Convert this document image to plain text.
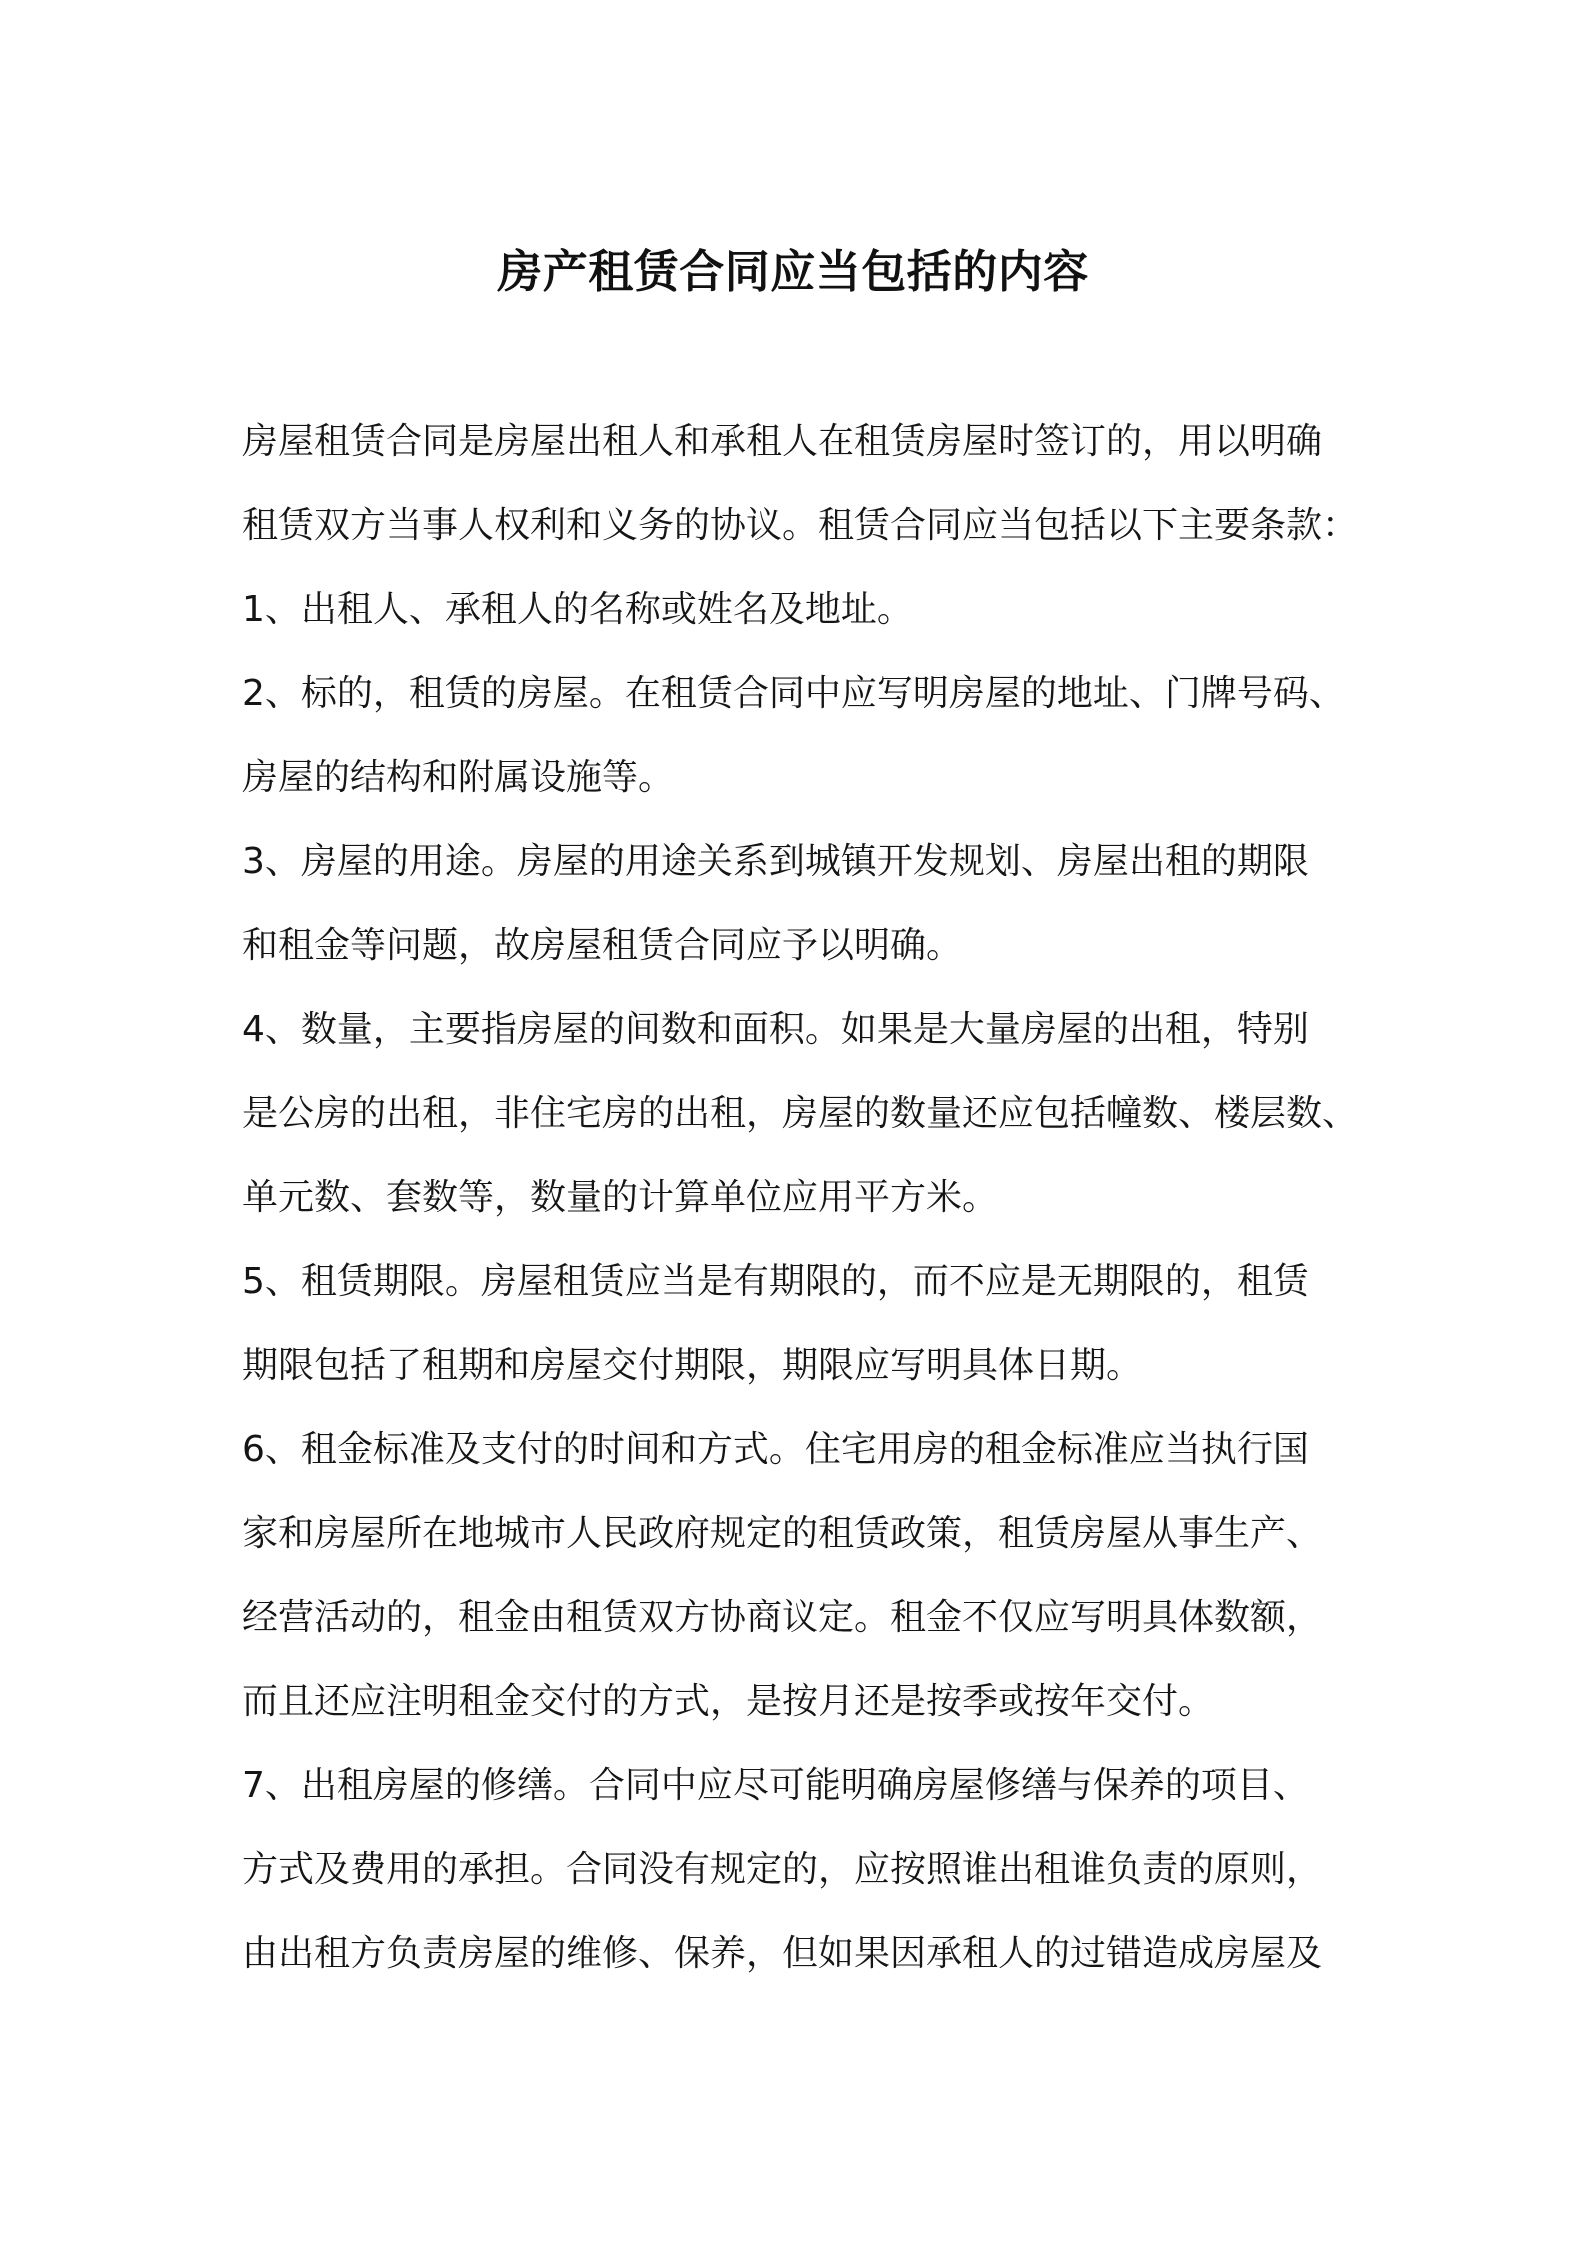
房产租赁合同应当包括的内容
房屋租赁合同是房屋出租人和承租人在租赁房屋时签订的，用以明确
租赁双方当事人权利和义务的协议。租赁合同应当包括以下主要条款：
1、出租人、承租人的名称或姓名及地址。
2、标的，租赁的房屋。在租赁合同中应写明房屋的地址、门牌号码、
房屋的结构和附属设施等。
3、房屋的用途。房屋的用途关系到城镇开发规划、房屋出租的期限
和租金等问题，故房屋租赁合同应予以明确。
4、数量，主要指房屋的间数和面积。如果是大量房屋的出租，特别
是公房的出租，非住宅房的出租，房屋的数量还应包括幢数、楼层数、
单元数、套数等，数量的计算单位应用平方米。
5、租赁期限。房屋租赁应当是有期限的，而不应是无期限的，租赁
期限包括了租期和房屋交付期限，期限应写明具体日期。
6、租金标准及支付的时间和方式。住宅用房的租金标准应当执行国
家和房屋所在地城市人民政府规定的租赁政策，租赁房屋从事生产、
经营活动的，租金由租赁双方协商议定。租金不仅应写明具体数额，
而且还应注明租金交付的方式，是按月还是按季或按年交付。
7、出租房屋的修缮。合同中应尽可能明确房屋修缮与保养的项目、
方式及费用的承担。合同没有规定的，应按照谁出租谁负责的原则，
由出租方负责房屋的维修、保养，但如果因承租人的过错造成房屋及
